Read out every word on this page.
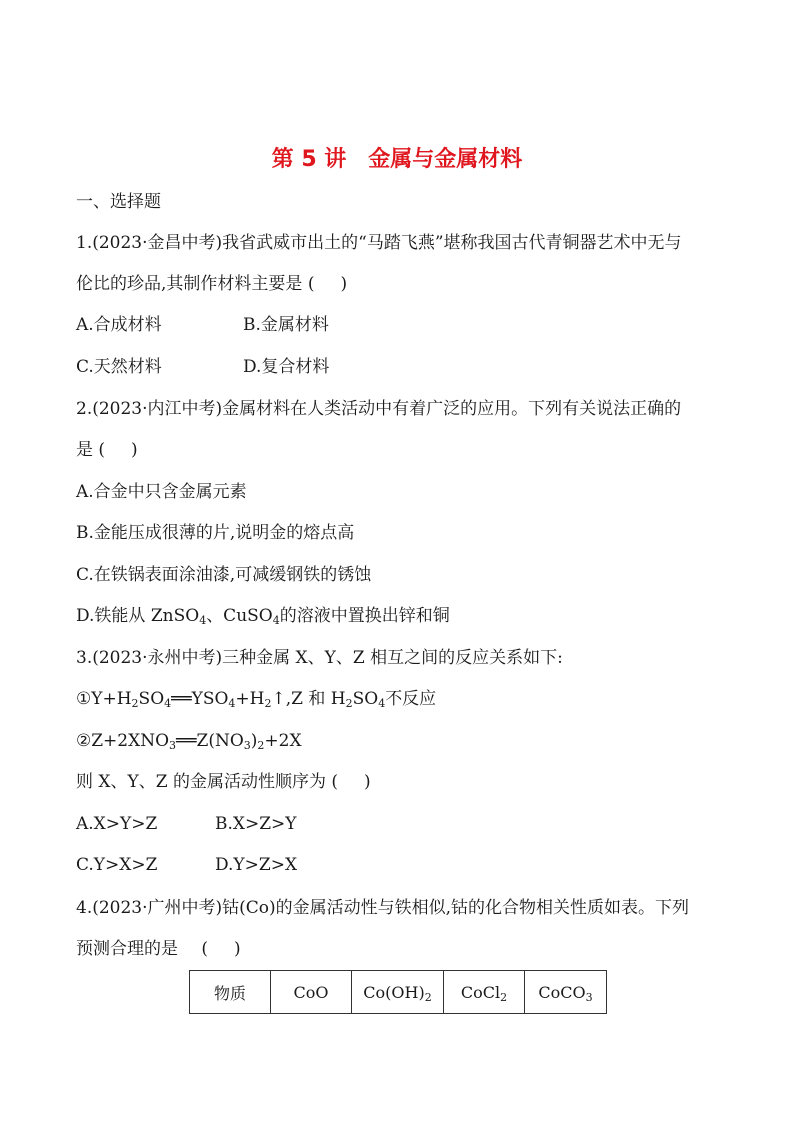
第 5 讲　金属与金属材料
一、选择题
1.(2023·金昌中考)我省武威市出土的“马踏飞燕”堪称我国古代青铜器艺术中无与
伦比的珍品,其制作材料主要是 ( )
A.合成材料	B.金属材料
C.天然材料	D.复合材料
2.(2023·内江中考)金属材料在人类活动中有着广泛的应用。下列有关说法正确的
是 ( )
A.合金中只含金属元素
B.金能压成很薄的片,说明金的熔点高
C.在铁锅表面涂油漆,可减缓钢铁的锈蚀
D.铁能从 ZnSO$_4$、CuSO$_4$的溶液中置换出锌和铜
3.(2023·永州中考)三种金属 X、Y、Z 相互之间的反应关系如下:
$①Y+H_2SO_4══YSO_4+H_2↑,Z$ 和 $H_2SO_4$不反应
$②Z+2XNO_3══Z(NO_3)_2+2X$
则 X、Y、Z 的金属活动性顺序为 ( )
A.X>Y>Z	B.X>Z>Y
C.Y>X>Z	D.Y>Z>X
4.(2023·广州中考)钴(Co)的金属活动性与铁相似,钴的化合物相关性质如表。下列
预测合理的是 ( )
物质	CoO	$Co(OH)_2$	CoCl$_2$	CoCO$_3$
